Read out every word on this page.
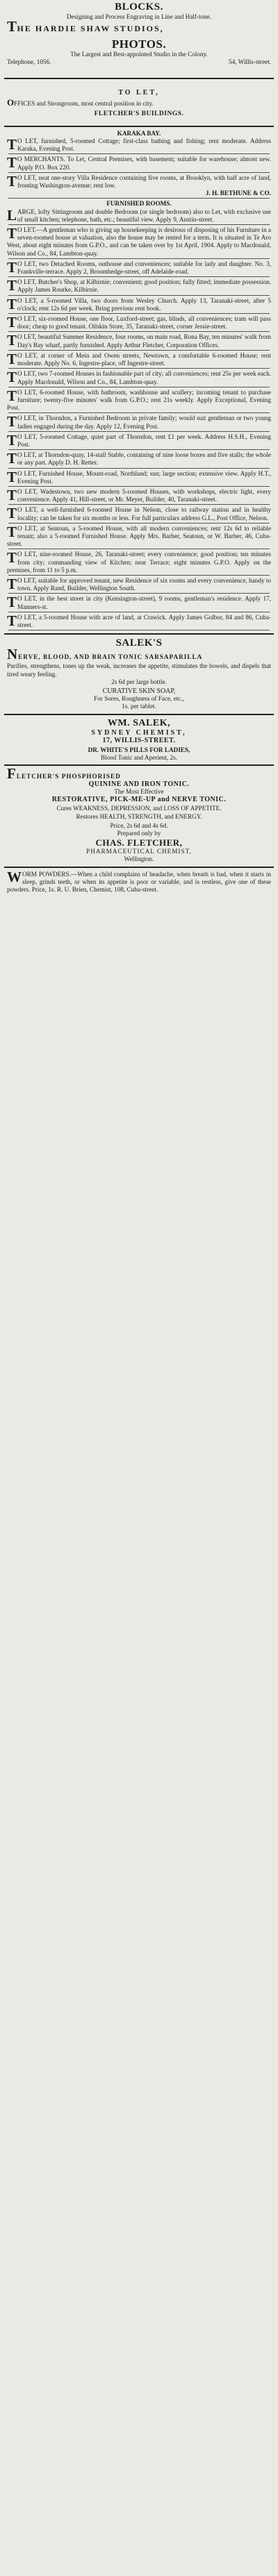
BLOCKS.
Designing and Process Engraving in Line and Half-tone.
THE HARDIE SHAW STUDIOS,
PHOTOS.
The Largest and Best-appointed Studio in the Colony.
Telephone, 1056.	54, Willis-street.
TO LET,
OFFICES and Strongroom, most central position in city.
FLETCHER'S BUILDINGS.
KARAKA BAY.
T O LET, furnished, 5-roomed Cottage; first-class bathing and fishing; rent moderate. Address Karaka, Evening Post.
T O MERCHANTS. To Let, Central Premises, with basement; suitable for warehouse; almost new. Apply P.O. Box 220.
T O LET, neat one-story Villa Residence containing five rooms, at Brooklyn, with half acre of land, fronting Washington-avenue; rent low.
J. H. BETHUNE & CO.
FURNISHED ROOMS.
LARGE, lofty Sittingroom and double Bedroom (or single bedroom) also to Let, with exclusive use of small kitchen; telephone, bath, etc.; beautiful view. Apply 9, Austin-street.
T O LET.—A gentleman who is giving up housekeeping is desirous of disposing of his Furniture in a seven-roomed house at valuation, also the house may be rented for a term. It is situated in Te Aro West, about eight minutes from G.P.O., and can be taken over by 1st April, 1904. Apply to Macdonald, Wilson and Co., 84, Lambton-quay.
T O LET, two Detached Rooms, outhouse and conveniences; suitable for lady and daughter. No. 3, Frankville-terrace. Apply 2, Broomhedge-street, off Adelaide-road.
T O LET, Butcher's Shop, at Kilbirnie; convenient; good position; fully fitted; immediate possession. Apply James Rourke, Kilbirnie.
T O LET, a 5-roomed Villa, two doors from Wesley Church. Apply 13, Taranaki-street, after 5 o'clock; rent 12s 6d per week. Bring previous rent book.
T O LET, six-roomed House, one floor, Luxford-street; gas, blinds, all conveniences; tram will pass door; cheap to good tenant. Oilskin Store, 35, Taranaki-street, corner Jessie-street.
T O LET, beautiful Summer Residence, four rooms, on main road, Rona Bay, ten minutes' walk from Day's Bay wharf, partly furnished. Apply Arthur Fletcher, Corporation Offices.
T O LET, at corner of Mein and Owen streets, Newtown, a comfortable 6-roomed House; rent moderate. Apply No. 6, Ingestre-place, off Ingestre-street.
T O LET, two 7-roomed Houses in fashionable part of city; all conveniences; rent 25s per week each. Apply Macdonald, Wilson and Co., 84, Lambton-quay.
T O LET, 6-roomed House, with bathroom, washhouse and scullery; incoming tenant to purchase furniture; twenty-five minutes' walk from G.P.O.; rent 21s weekly. Apply Exceptional, Evening Post.
T O LET, in Thorndon, a Furnished Bedroom in private family; would suit gentleman or two young ladies engaged during the day. Apply 12, Evening Post.
T O LET, 5-roomed Cottage, quiet part of Thorndon, rent £1 per week. Address H.S.H., Evening Post.
T O LET, at Thorndon-quay, 14-stall Stable, containing of nine loose boxes and five stalls; the whole or any part. Apply D. H. Retter.
T O LET, Furnished House, Mount-road, Northland; sun; large section; extensive view. Apply H.T., Evening Post.
T O LET, Wadestown, two new modern 5-roomed Houses, with workshops, electric light, every convenience. Apply 41, Hill-street, or Mr. Meyer, Builder, 40, Taranaki-street.
T O LET, a well-furnished 6-roomed House in Nelson, close to railway station and in healthy locality; can be taken for six months or less. For full particulars address G.L., Post Office, Nelson.
T O LET, at Seatoun, a 5-roomed House, with all modern conveniences; rent 12s 6d to reliable tenant; also a 5-roomed Furnished House. Apply Mrs. Barber, Seatoun, or W. Barber, 46, Cuba-street.
T O LET, nine-roomed House, 26, Taranaki-street; every convenience; good position; ten minutes from city; commanding view of Kitchen; near Terrace; eight minutes G.P.O. Apply on the premises, from 11 to 5 p.m.
T O LET, suitable for approved tenant, new Residence of six rooms and every convenience, handy to town. Apply Rand, Builder, Wellington South.
T O LET, in the best street in city (Kensington-street), 9 rooms, gentleman's residence. Apply 17, Manners-st.
T O LET, a 5-roomed House with acre of land, at Crawick. Apply James Golbor, 84 and 86, Cuba-street.
SALEK'S
NERVE, BLOOD, AND BRAIN TONIC SARSAPARILLA
Purifies, strengthens, tones up the weak, increases the appetite, stimulates the bowels, and dispels that tired weary feeling.
2s 6d per large bottle.
CURATIVE SKIN SOAP,
For Sores, Roughness of Face, etc.,
1s. per tablet.
WM. SALEK,
SYDNEY CHEMIST,
17, WILLIS-STREET.
DR. WHITE'S PILLS FOR LADIES,
Blood Tonic and Aperient, 2s.
FLETCHER'S PHOSPHORISED
QUININE AND IRON TONIC.
The Most Effective
RESTORATIVE, PICK-ME-UP and NERVE TONIC.
Cures WEAKNESS, DEPRESSION, and LOSS OF APPETITE.
Restores HEALTH, STRENGTH, and ENERGY.
Price, 2s 6d and 4s 6d.
Prepared only by
CHAS. FLETCHER,
PHARMACEUTICAL CHEMIST,
Wellington.
WORM POWDERS.—When a child complains of headache, when breath is bad, when it starts in sleep, grinds teeth, or when its appetite is poor or variable, and is restless, give one of these powders. Price, 1s. R. U. Brien, Chemist, 108, Cuba-street.
